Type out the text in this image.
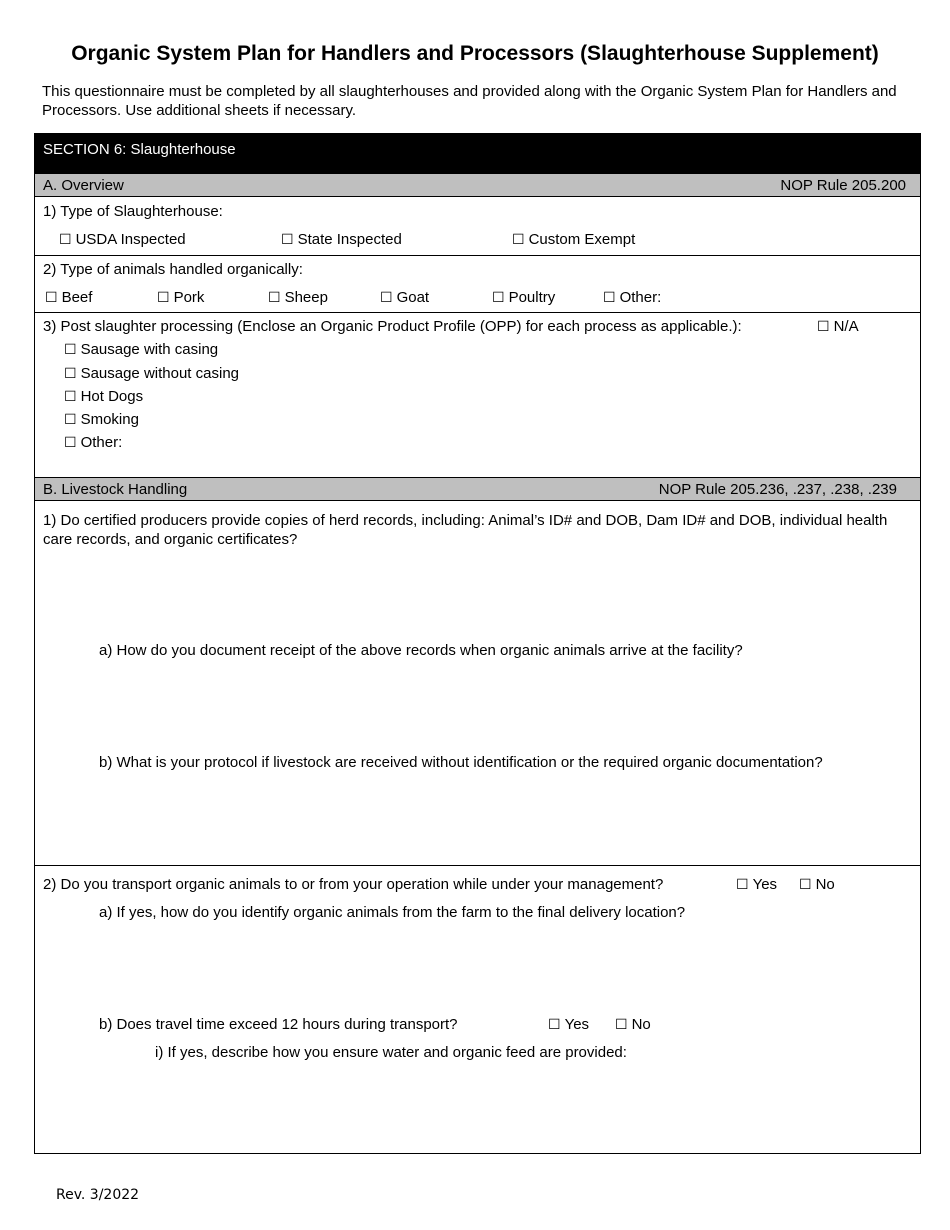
Organic System Plan for Handlers and Processors (Slaughterhouse Supplement)

This questionnaire must be completed by all slaughterhouses and provided along with the Organic System Plan for Handlers and Processors. Use additional sheets if necessary.

SECTION 6: Slaughterhouse
A. Overview	NOP Rule 205.200
1) Type of Slaughterhouse:
☐ USDA Inspected	☐ State Inspected	☐ Custom Exempt
2) Type of animals handled organically:
☐ Beef	☐ Pork	☐ Sheep	☐ Goat	☐ Poultry	☐ Other:
3) Post slaughter processing (Enclose an Organic Product Profile (OPP) for each process as applicable.):	☐ N/A
☐ Sausage with casing
☐ Sausage without casing
☐ Hot Dogs
☐ Smoking
☐ Other:
B. Livestock Handling	NOP Rule 205.236, .237, .238, .239
1) Do certified producers provide copies of herd records, including: Animal’s ID# and DOB, Dam ID# and DOB, individual health care records, and organic certificates?
a) How do you document receipt of the above records when organic animals arrive at the facility?
b) What is your protocol if livestock are received without identification or the required organic documentation?
2) Do you transport organic animals to or from your operation while under your management?	☐ Yes ☐ No
a) If yes, how do you identify organic animals from the farm to the final delivery location?
b) Does travel time exceed 12 hours during transport?	☐ Yes ☐ No
i) If yes, describe how you ensure water and organic feed are provided:
Rev. 3/2022
